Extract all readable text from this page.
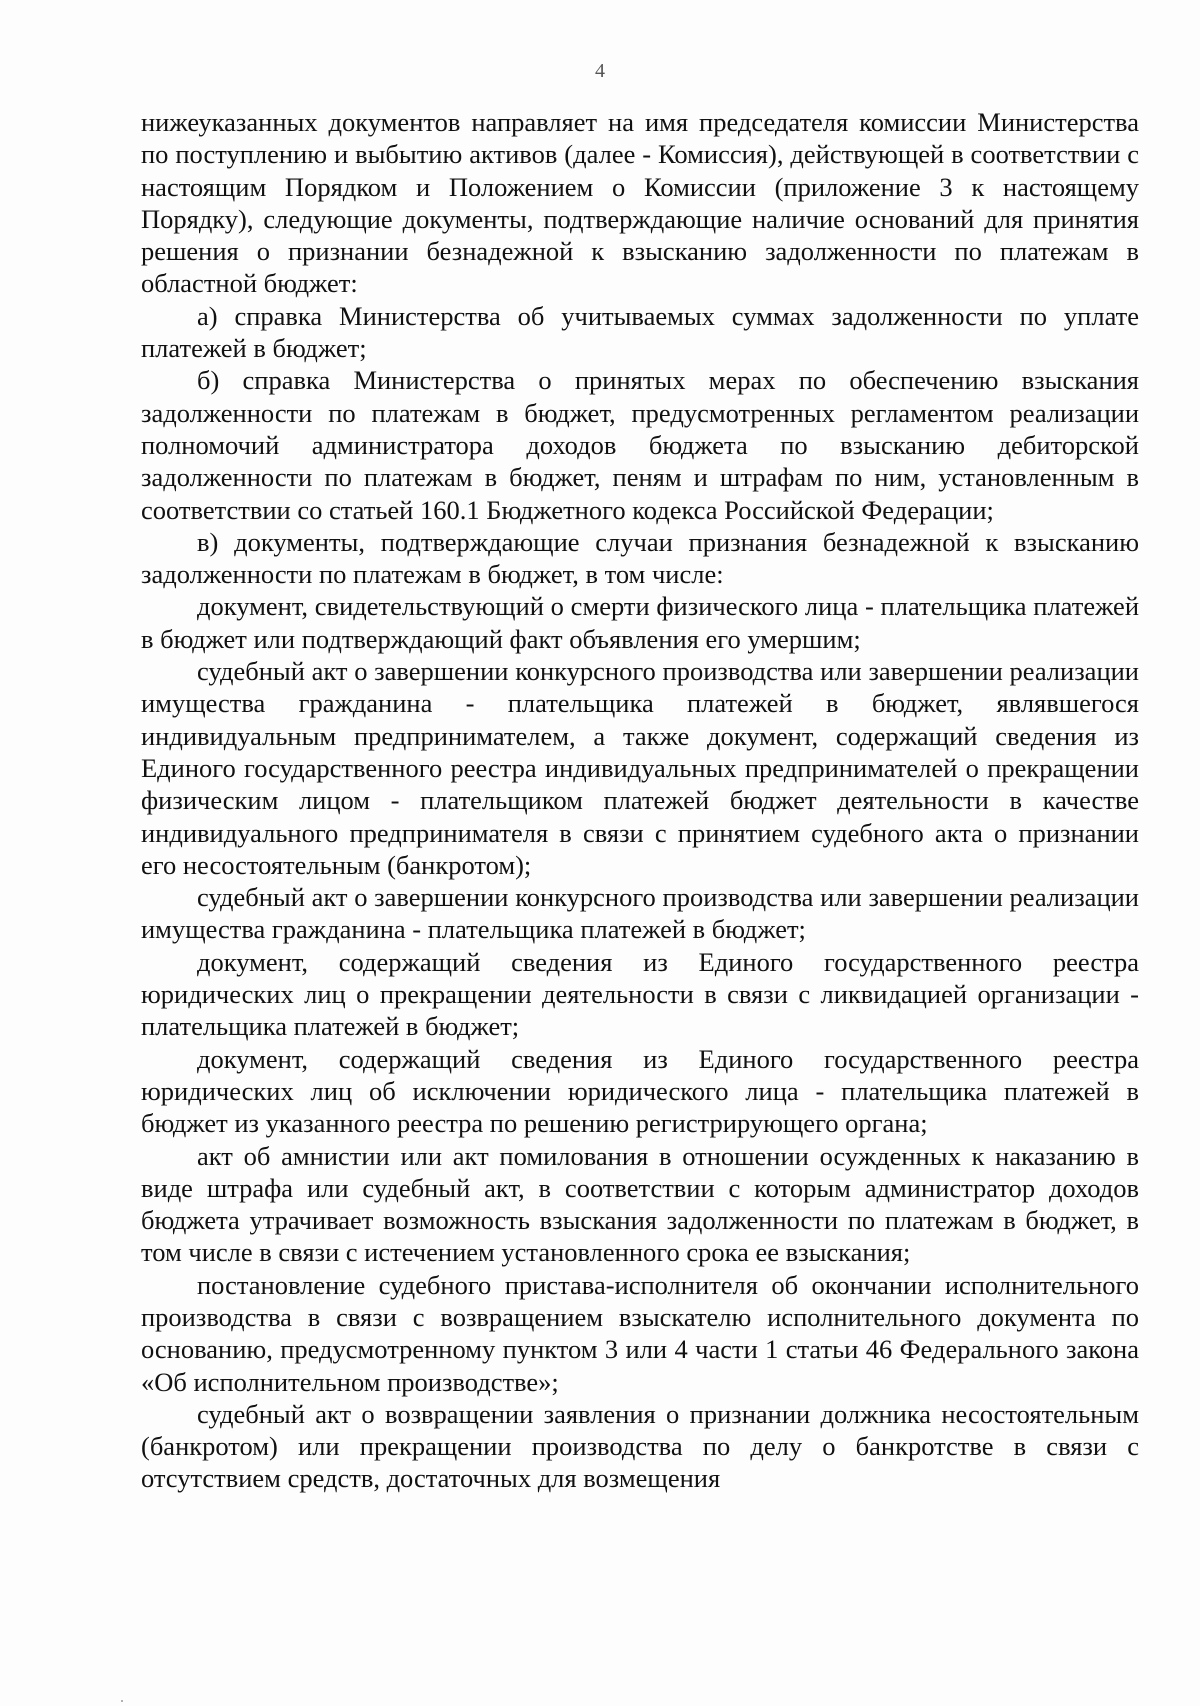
4

нижеуказанных документов направляет на имя председателя комиссии Министерства по поступлению и выбытию активов (далее - Комиссия), действующей в соответствии с настоящим Порядком и Положением о Комиссии (приложение 3 к настоящему Порядку), следующие документы, подтверждающие наличие оснований для принятия решения о признании безнадежной к взысканию задолженности по платежам в областной бюджет:

а) справка Министерства об учитываемых суммах задолженности по уплате платежей в бюджет;

б) справка Министерства о принятых мерах по обеспечению взыскания задолженности по платежам в бюджет, предусмотренных регламентом реализации полномочий администратора доходов бюджета по взысканию дебиторской задолженности по платежам в бюджет, пеням и штрафам по ним, установленным в соответствии со статьей 160.1 Бюджетного кодекса Российской Федерации;

в) документы, подтверждающие случаи признания безнадежной к взысканию задолженности по платежам в бюджет, в том числе:

документ, свидетельствующий о смерти физического лица - плательщика платежей в бюджет или подтверждающий факт объявления его умершим;

судебный акт о завершении конкурсного производства или завершении реализации имущества гражданина - плательщика платежей в бюджет, являвшегося индивидуальным предпринимателем, а также документ, содержащий сведения из Единого государственного реестра индивидуальных предпринимателей о прекращении физическим лицом - плательщиком платежей бюджет деятельности в качестве индивидуального предпринимателя в связи с принятием судебного акта о признании его несостоятельным (банкротом);

судебный акт о завершении конкурсного производства или завершении реализации имущества гражданина - плательщика платежей в бюджет;

документ, содержащий сведения из Единого государственного реестра юридических лиц о прекращении деятельности в связи с ликвидацией организации - плательщика платежей в бюджет;

документ, содержащий сведения из Единого государственного реестра юридических лиц об исключении юридического лица - плательщика платежей в бюджет из указанного реестра по решению регистрирующего органа;

акт об амнистии или акт помилования в отношении осужденных к наказанию в виде штрафа или судебный акт, в соответствии с которым администратор доходов бюджета утрачивает возможность взыскания задолженности по платежам в бюджет, в том числе в связи с истечением установленного срока ее взыскания;

постановление судебного пристава-исполнителя об окончании исполнительного производства в связи с возвращением взыскателю исполнительного документа по основанию, предусмотренному пунктом 3 или 4 части 1 статьи 46 Федерального закона «Об исполнительном производстве»;

судебный акт о возвращении заявления о признании должника несостоятельным (банкротом) или прекращении производства по делу о банкротстве в связи с отсутствием средств, достаточных для возмещения
